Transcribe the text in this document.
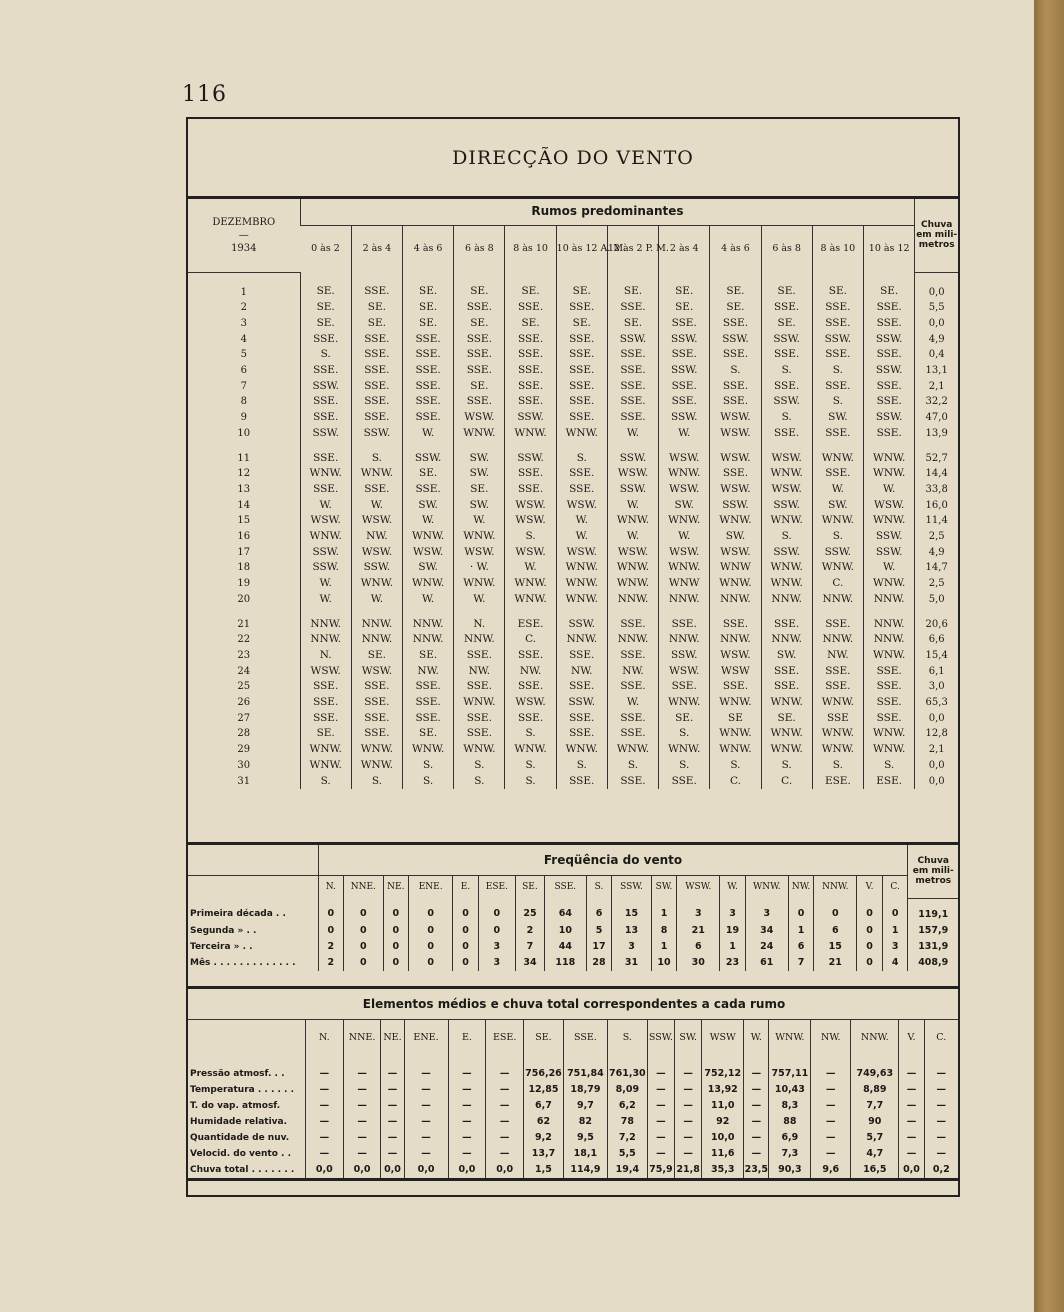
116
DIRECÇÃO DO VENTO
DEZEMBRO
—
1934	Rumos predominantes												Chuva em mili-metros
	0 às 2	2 às 4	4 às 6	6 às 8	8 às 10	10 às 12 A. M.	12 às 2 P. M.	2 às 4	4 às 6	6 às 8	8 às 10	10 às 12	
1	SE.	SSE.	SE.	SE.	SE.	SE.	SE.	SE.	SE.	SE.	SE.	SE.	0,0
2	SE.	SE.	SE.	SSE.	SSE.	SSE.	SSE.	SE.	SE.	SSE.	SSE.	SSE.	5,5
3	SE.	SE.	SE.	SE.	SE.	SE.	SE.	SSE.	SSE.	SE.	SSE.	SSE.	0,0
4	SSE.	SSE.	SSE.	SSE.	SSE.	SSE.	SSW.	SSW.	SSW.	SSW.	SSW.	SSW.	4,9
5	S.	SSE.	SSE.	SSE.	SSE.	SSE.	SSE.	SSE.	SSE.	SSE.	SSE.	SSE.	0,4
6	SSE.	SSE.	SSE.	SSE.	SSE.	SSE.	SSE.	SSW.	S.	S.	S.	SSW.	13,1
7	SSW.	SSE.	SSE.	SE.	SSE.	SSE.	SSE.	SSE.	SSE.	SSE.	SSE.	SSE.	2,1
8	SSE.	SSE.	SSE.	SSE.	SSE.	SSE.	SSE.	SSE.	SSE.	SSW.	S.	SSE.	32,2
9	SSE.	SSE.	SSE.	WSW.	SSW.	SSE.	SSE.	SSW.	WSW.	S.	SW.	SSW.	47,0
10	SSW.	SSW.	W.	WNW.	WNW.	WNW.	W.	W.	WSW.	SSE.	SSE.	SSE.	13,9

11	SSE.	S.	SSW.	SW.	SSW.	S.	SSW.	WSW.	WSW.	WSW.	WNW.	WNW.	52,7
12	WNW.	WNW.	SE.	SW.	SSE.	SSE.	WSW.	WNW.	SSE.	WNW.	SSE.	WNW.	14,4
13	SSE.	SSE.	SSE.	SE.	SSE.	SSE.	SSW.	WSW.	WSW.	WSW.	W.	W.	33,8
14	W.	W.	SW.	SW.	WSW.	WSW.	W.	SW.	SSW.	SSW.	SW.	WSW.	16,0
15	WSW.	WSW.	W.	W.	WSW.	W.	WNW.	WNW.	WNW.	WNW.	WNW.	WNW.	11,4
16	WNW.	NW.	WNW.	WNW.	S.	W.	W.	W.	SW.	S.	S.	SSW.	2,5
17	SSW.	WSW.	WSW.	WSW.	WSW.	WSW.	WSW.	WSW.	WSW.	SSW.	SSW.	SSW.	4,9
18	SSW.	SSW.	SW.	· W.	W.	WNW.	WNW.	WNW.	WNW	WNW.	WNW.	W.	14,7
19	W.	WNW.	WNW.	WNW.	WNW.	WNW.	WNW.	WNW	WNW.	WNW.	C.	WNW.	2,5
20	W.	W.	W.	W.	WNW.	WNW.	NNW.	NNW.	NNW.	NNW.	NNW.	NNW.	5,0

21	NNW.	NNW.	NNW.	N.	ESE.	SSW.	SSE.	SSE.	SSE.	SSE.	SSE.	NNW.	20,6
22	NNW.	NNW.	NNW.	NNW.	C.	NNW.	NNW.	NNW.	NNW.	NNW.	NNW.	NNW.	6,6
23	N.	SE.	SE.	SSE.	SSE.	SSE.	SSE.	SSW.	WSW.	SW.	NW.	WNW.	15,4
24	WSW.	WSW.	NW.	NW.	NW.	NW.	NW.	WSW.	WSW	SSE.	SSE.	SSE.	6,1
25	SSE.	SSE.	SSE.	SSE.	SSE.	SSE.	SSE.	SSE.	SSE.	SSE.	SSE.	SSE.	3,0
26	SSE.	SSE.	SSE.	WNW.	WSW.	SSW.	W.	WNW.	WNW.	WNW.	WNW.	SSE.	65,3
27	SSE.	SSE.	SSE.	SSE.	SSE.	SSE.	SSE.	SE.	SE	SE.	SSE	SSE.	0,0
28	SE.	SSE.	SE.	SSE.	S.	SSE.	SSE.	S.	WNW.	WNW.	WNW.	WNW.	12,8
29	WNW.	WNW.	WNW.	WNW.	WNW.	WNW.	WNW.	WNW.	WNW.	WNW.	WNW.	WNW.	2,1
30	WNW.	WNW.	S.	S.	S.	S.	S.	S.	S.	S.	S.	S.	0,0
31	S.	S.	S.	S.	S.	SSE.	SSE.	SSE.	C.	C.	ESE.	ESE.	0,0
	Freqüência do vento																		Chuva em mili-metros
	N.	NNE.	NE.	ENE.	E.	ESE.	SE.	SSE.	S.	SSW.	SW.	WSW.	W.	WNW.	NW.	NNW.	V.	C.	
Primeira década . .	0	0	0	0	0	0	25	64	6	15	1	3	3	3	0	0	0	0	119,1
Segunda » . .	0	0	0	0	0	0	2	10	5	13	8	21	19	34	1	6	0	1	157,9
Terceira » . .	2	0	0	0	0	3	7	44	17	3	1	6	1	24	6	15	0	3	131,9
Mês . . . . . . . . . . . . .	2	0	0	0	0	3	34	118	28	31	10	30	23	61	7	21	0	4	408,9
Elementos médios e chuva total correspondentes a cada rumo																		
	N.	NNE.	NE.	ENE.	E.	ESE.	SE.	SSE.	S.	SSW.	SW.	WSW	W.	WNW.	NW.	NNW.	V.	C.
Pressão atmosf. . .	—	—	—	—	—	—	756,26	751,84	761,30	—	—	752,12	—	757,11	—	749,63	—	—
Temperatura . . . . . .	—	—	—	—	—	—	12,85	18,79	8,09	—	—	13,92	—	10,43	—	8,89	—	—
T. do vap. atmosf.	—	—	—	—	—	—	6,7	9,7	6,2	—	—	11,0	—	8,3	—	7,7	—	—
Humidade relativa.	—	—	—	—	—	—	62	82	78	—	—	92	—	88	—	90	—	—
Quantidade de nuv.	—	—	—	—	—	—	9,2	9,5	7,2	—	—	10,0	—	6,9	—	5,7	—	—
Velocid. do vento . .	—	—	—	—	—	—	13,7	18,1	5,5	—	—	11,6	—	7,3	—	4,7	—	—
Chuva total . . . . . . .	0,0	0,0	0,0	0,0	0,0	0,0	1,5	114,9	19,4	75,9	21,8	35,3	23,5	90,3	9,6	16,5	0,0	0,2
